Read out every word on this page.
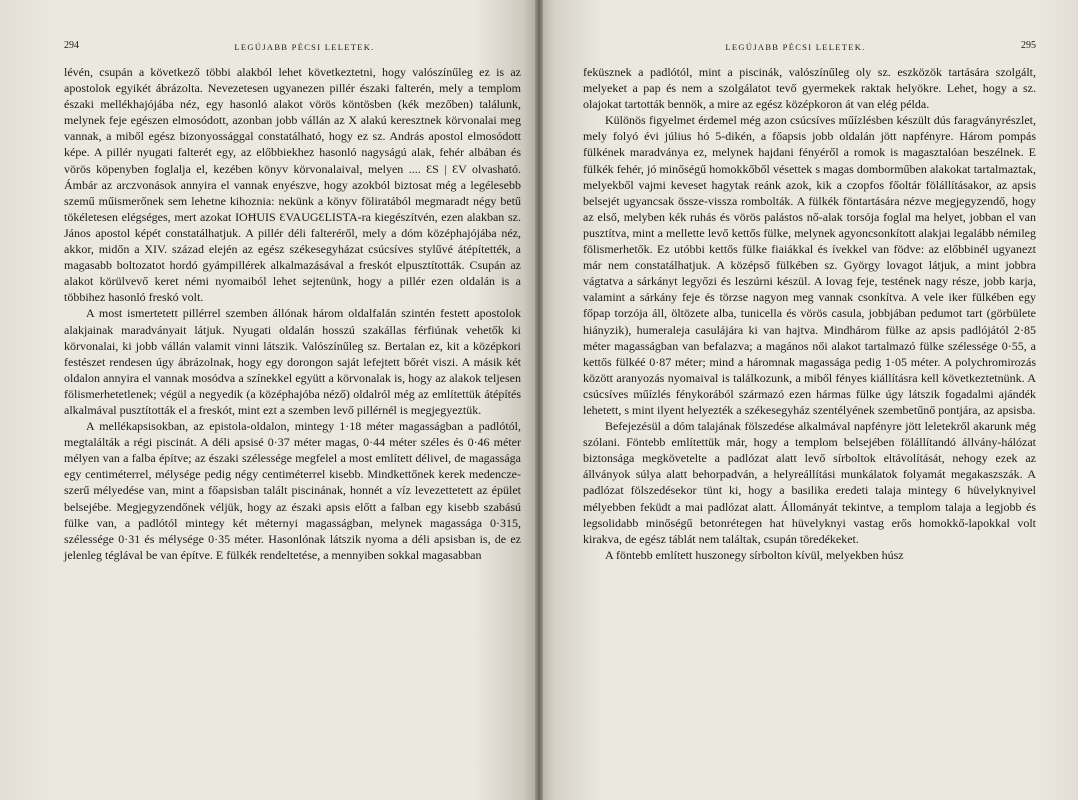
294	LEGÚJABB PÉCSI LELETEK.

lévén, csupán a következő többi alakból lehet következtetni, hogy valószínűleg ez is az apostolok egyikét ábrázolta. Nevezetesen ugyanezen pillér északi falterén, mely a templom északi mellékhajójába néz, egy hasonló alakot vörös köntösben (kék mezőben) találunk, melynek feje egészen elmosódott, azonban jobb vállán az X alakú keresztnek körvonalai meg vannak, a miből egész bizonyossággal constatálható, hogy ez sz. András apostol elmosódott képe. A pillér nyugati falterét egy, az előbbiekhez hasonló nagyságú alak, fehér albában és vörös köpenyben foglalja el, kezében könyv körvonalaival, melyen .... ƐS | ƐV olvasható. Ámbár az arczvonások annyira el vannak enyészve, hogy azokból biztosat még a legélesebb szemű műismerőnek sem lehetne kihoznia: nekünk a könyv föliratából megmaradt négy betű tökéletesen elégséges, mert azokat IOĦUIS ƐVAUGƐLISTA-ra kiegészítvén, ezen alakban sz. János apostol képét constatálhatjuk. A pillér déli falteréről, mely a dóm középhajójába néz, akkor, midőn a XIV. század elején az egész székesegyházat csúcsíves stylűvé átépítették, a magasabb boltozatot hordó gyámpillérek alkalmazásával a freskót elpusztították. Csupán az alakot körülvevő keret némi nyomaiból lehet sejtenünk, hogy a pillér ezen oldalán is a többihez hasonló freskó volt.

A most ismertetett pillérrel szemben állónak három oldalfalán szintén festett apostolok alakjainak maradványait látjuk. Nyugati oldalán hosszú szakállas férfiúnak vehetők ki körvonalai, ki jobb vállán valamit vinni látszik. Valószínűleg sz. Bertalan ez, kit a középkori festészet rendesen úgy ábrázolnak, hogy egy dorongon saját lefejtett bőrét viszi. A másik két oldalon annyira el vannak mosódva a színekkel együtt a körvonalak is, hogy az alakok teljesen fölismerhetetlenek; végül a negyedik (a középhajóba néző) oldalról még az említettük átépítés alkalmával pusztították el a freskót, mint ezt a szemben levő pillérnél is megjegyeztük.

A mellékapsisokban, az epistola-oldalon, mintegy 1·18 méter magasságban a padlótól, megtalálták a régi piscinát. A déli apsisé 0·37 méter magas, 0·44 méter széles és 0·46 méter mélyen van a falba építve; az északi szélessége megfelel a most említett délivel, de magassága egy centiméterrel, mélysége pedig négy centiméterrel kisebb. Mindkettőnek kerek medencze-szerű mélyedése van, mint a főapsisban talált piscinának, honnét a víz levezettetett az épület belsejébe. Megjegyzendőnek véljük, hogy az északi apsis előtt a falban egy kisebb szabású fülke van, a padlótól mintegy két méternyi magasságban, melynek magassága 0·315, szélessége 0·31 és mélysége 0·35 méter. Hasonlónak látszik nyoma a déli apsisban is, de ez jelenleg téglával be van építve. E fülkék rendeltetése, a mennyiben sokkal magasabban

LEGÚJABB PÉCSI LELETEK.	295

feküsznek a padlótól, mint a piscinák, valószínűleg oly sz. eszközök tartására szolgált, melyeket a pap és nem a szolgálatot tevő gyermekek raktak helyökre. Lehet, hogy a sz. olajokat tartották bennök, a mire az egész középkoron át van elég példa.

Különös figyelmet érdemel még azon csúcsíves műízlésben készült dús faragványrészlet, mely folyó évi július hó 5-dikén, a főapsis jobb oldalán jött napfényre. Három pompás fülkének maradványa ez, melynek hajdani fényéről a romok is magasztalóan beszélnek. E fülkék fehér, jó minőségű homokkőből vésettek s magas domborműben alakokat tartalmaztak, melyekből vajmi keveset hagytak reánk azok, kik a czopfos főoltár fölállításakor, az apsis belsejét ugyancsak össze-vissza rombolták. A fülkék föntartására nézve megjegyzendő, hogy az első, melyben kék ruhás és vörös palástos nő-alak torsója foglal ma helyet, jobban el van pusztítva, mint a mellette levő kettős fülke, melynek agyoncsonkított alakjai legalább némileg fölismerhetők. Ez utóbbi kettős fülke fiaiákkal és ívekkel van födve: az előbbinél ugyanezt már nem constatálhatjuk. A középső fülkében sz. György lovagot látjuk, a mint jobbra vágtatva a sárkányt legyőzi és leszúrni készül. A lovag feje, testének nagy része, jobb karja, valamint a sárkány feje és törzse nagyon meg vannak csonkítva. A vele iker fülkében egy főpap torzója áll, öltözete alba, tunicella és vörös casula, jobbjában pedumot tart (görbülete hiányzik), humeraleja casulájára ki van hajtva. Mindhárom fülke az apsis padlójától 2·85 méter magasságban van befalazva; a magános női alakot tartalmazó fülke szélessége 0·55, a kettős fülkéé 0·87 méter; mind a háromnak magassága pedig 1·05 méter. A polychromirozás között aranyozás nyomaival is találkozunk, a miből fényes kiállításra kell következtetnünk. A csúcsíves műízlés fénykorából származó ezen hármas fülke úgy látszik fogadalmi ajándék lehetett, s mint ilyent helyezték a székesegyház szentélyének szembetűnő pontjára, az apsisba.

Befejezésül a dóm talajának fölszedése alkalmával napfényre jött leletekről akarunk még szólani. Föntebb említettük már, hogy a templom belsejében fölállítandó állvány-hálózat biztonsága megkövetelte a padlózat alatt levő sírboltok eltávolítását, nehogy ezek az állványok súlya alatt behorpadván, a helyreállítási munkálatok folyamát megakaszszák. A padlózat fölszedésekor tünt ki, hogy a basilika eredeti talaja mintegy 6 hüvelyknyivel mélyebben feküdt a mai padlózat alatt. Állományát tekintve, a templom talaja a legjobb és legsolidabb minőségű betonrétegen hat hüvelyknyi vastag erős homokkő-lapokkal volt kirakva, de egész táblát nem találtak, csupán töredékeket.

A föntebb említett huszonegy sírbolton kívül, melyekben húsz
